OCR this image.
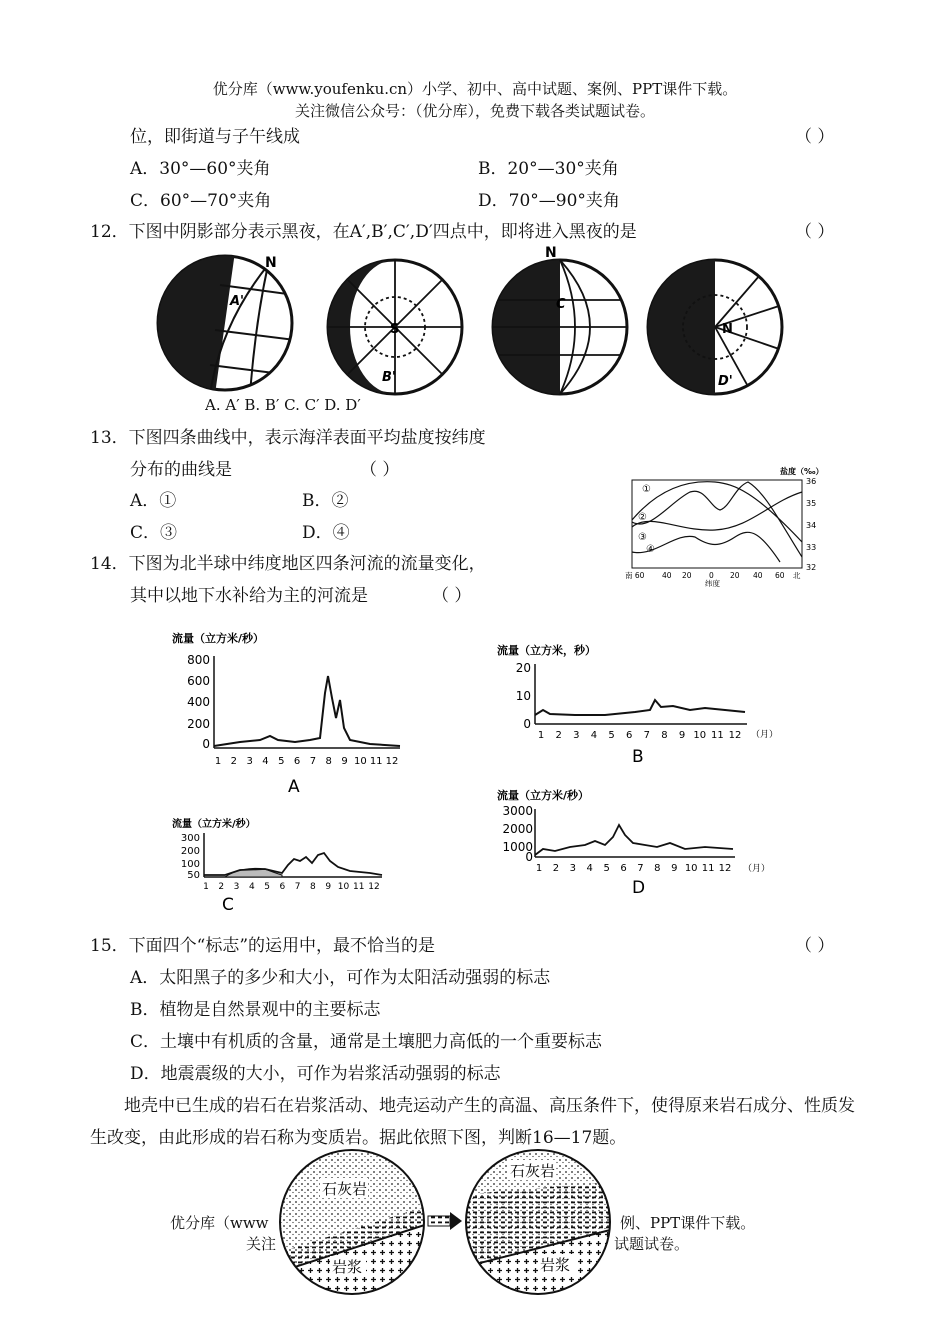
优分库（www.youfenku.cn）小学、初中、高中试题、案例、PPT课件下载。
关注微信公众号：（优分库），免费下载各类试题试卷。
位，即街道与子午线成	（ ）
A．30°—60°夹角	B．20°—30°夹角
C．60°—70°夹角	D．70°—90°夹角
12．下图中阴影部分表示黑夜，在A′,B′,C′,D′四点中，即将进入黑夜的是	（ ）
N
A'
S
B'
N
C
N
D'
A. A′ B. B′ C. C′ D. D′
13．下图四条曲线中，表示海洋表面平均盐度按纬度
分布的曲线是	（ ）
A．①	B．②
C．③	D．④
盐度（‰）
36
35
34
33
32
南 60 40 20 0 20 40 60 北
纬度
①
②
③
④
14．下图为北半球中纬度地区四条河流的流量变化，
其中以地下水补给为主的河流是	（ ）
流量（立方米/秒）
800
600
400
200
0
1 2 3 4 5 6 7 8 9 10 11 12
A
流量（立方米，秒）
20
10
0
1 2 3 4 5 6 7 8 9 10 11 12 （月）
B
流量（立方米/秒）
300
200
100
50
1 2 3 4 5 6 7 8 9 10 11 12
C
流量（立方米/秒）
3000
2000
1000
0
1 2 3 4 5 6 7 8 9 10 11 12 （月）
D
15．下面四个“标志”的运用中，最不恰当的是	（ ）
A．太阳黑子的多少和大小，可作为太阳活动强弱的标志
B．植物是自然景观中的主要标志
C．土壤中有机质的含量，通常是土壤肥力高低的一个重要标志
D．地震震级的大小，可作为岩浆活动强弱的标志
地壳中已生成的岩石在岩浆活动、地壳运动产生的高温、高压条件下，使得原来岩石成分、性质发生改变，由此形成的岩石称为变质岩。据此依照下图，判断16—17题。
优分库（www	例、PPT课件下载。
关注	试题试卷。
石灰岩
岩浆
石灰岩
岩浆
